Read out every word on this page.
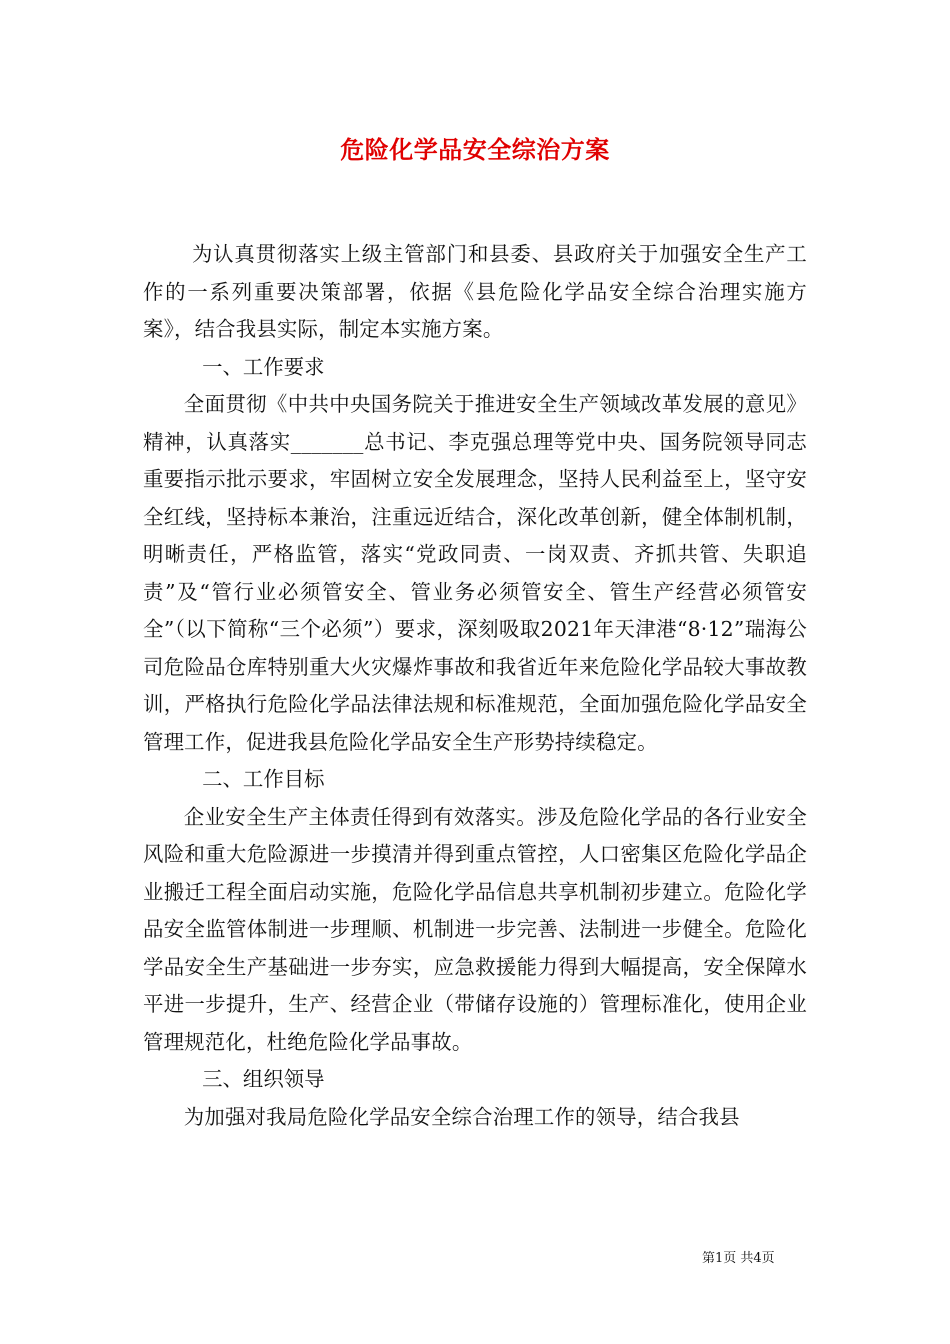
危险化学品安全综治方案

为认真贯彻落实上级主管部门和县委、县政府关于加强安全生产工作的一系列重要决策部署，依据《县危险化学品安全综合治理实施方案》，结合我县实际，制定本实施方案。

一、工作要求

全面贯彻《中共中央国务院关于推进安全生产领域改革发展的意见》精神，认真落实_______总书记、李克强总理等党中央、国务院领导同志重要指示批示要求，牢固树立安全发展理念，坚持人民利益至上，坚守安全红线，坚持标本兼治，注重远近结合，深化改革创新，健全体制机制，明晰责任，严格监管，落实“党政同责、一岗双责、齐抓共管、失职追责”及“管行业必须管安全、管业务必须管安全、管生产经营必须管安全”（以下简称“三个必须”）要求，深刻吸取2021年天津港“8·12”瑞海公司危险品仓库特别重大火灾爆炸事故和我省近年来危险化学品较大事故教训，严格执行危险化学品法律法规和标准规范，全面加强危险化学品安全管理工作，促进我县危险化学品安全生产形势持续稳定。

二、工作目标

企业安全生产主体责任得到有效落实。涉及危险化学品的各行业安全风险和重大危险源进一步摸清并得到重点管控，人口密集区危险化学品企业搬迁工程全面启动实施，危险化学品信息共享机制初步建立。危险化学品安全监管体制进一步理顺、机制进一步完善、法制进一步健全。危险化学品安全生产基础进一步夯实，应急救援能力得到大幅提高，安全保障水平进一步提升，生产、经营企业（带储存设施的）管理标准化，使用企业管理规范化，杜绝危险化学品事故。

三、组织领导

为加强对我局危险化学品安全综合治理工作的领导，结合我县

第1页 共4页
